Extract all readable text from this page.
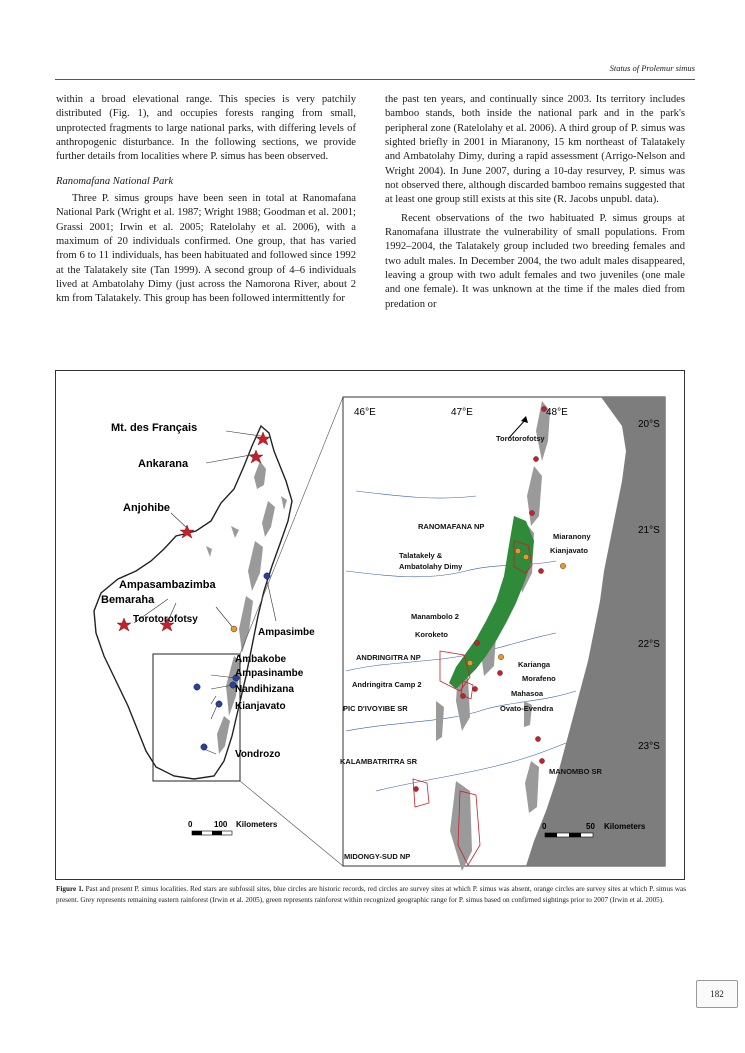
Status of Prolemur simus

within a broad elevational range. This species is very patchily distributed (Fig. 1), and occupies forests ranging from small, unprotected fragments to large national parks, with differing levels of anthropogenic disturbance. In the following sections, we provide further details from localities where P. simus has been observed.

Ranomafana National Park

Three P. simus groups have been seen in total at Ranomafana National Park (Wright et al. 1987; Wright 1988; Goodman et al. 2001; Grassi 2001; Irwin et al. 2005; Ratelolahy et al. 2006), with a maximum of 20 individuals confirmed. One group, that has varied from 6 to 11 individuals, has been habituated and followed since 1992 at the Talatakely site (Tan 1999). A second group of 4–6 individuals lived at Ambatolahy Dimy (just across the Namorona River, about 2 km from Talatakely. This group has been followed intermittently for

the past ten years, and continually since 2003. Its territory includes bamboo stands, both inside the national park and in the park's peripheral zone (Ratelolahy et al. 2006). A third group of P. simus was sighted briefly in 2001 in Miaranony, 15 km northeast of Talatakely and Ambatolahy Dimy, during a rapid assessment (Arrigo-Nelson and Wright 2004). In June 2007, during a 10-day resurvey, P. simus was not observed there, although discarded bamboo remains suggested that at least one group still exists at this site (R. Jacobs unpubl. data).

Recent observations of the two habituated P. simus groups at Ranomafana illustrate the vulnerability of small populations. From 1992–2004, the Talatakely group included two breeding females and two adult males. In December 2004, the two adult males disappeared, leaving a group with two adult females and two juveniles (one male and one female). It was unknown at the time if the males died from predation or

Mt. des Français
Ankarana
Anjohibe
Ampasambazimba
Bemaraha
Torotorofotsy
Ampasimbe
Ambakobe
Ampasinambe
Nandihizana
Kianjavato
Vondrozo
0	100 Kilometers
46°E	47°E	48°E
20°S
21°S
22°S
23°S
Torotorofotsy
RANOMAFANA NP
Miaranony
Kianjavato
Talatakely &
Ambatolahy Dimy
Manambolo 2
Koroketo
ANDRINGITRA NP
Karianga
Morafeno
Andringitra Camp 2
Mahasoa
PIC D'IVOYIBE SR	Ovato-Evendra
KALAMBATRITRA SR
MANOMBO SR
MIDONGY-SUD NP
0	50 Kilometers
Figure 1. Past and present P. simus localities. Red stars are subfossil sites, blue circles are historic records, red circles are survey sites at which P. simus was absent, orange circles are survey sites at which P. simus was present. Grey represents remaining eastern rainforest (Irwin et al. 2005), green represents rainforest within recognized geographic range for P. simus based on confirmed sightings prior to 2007 (Irwin et al. 2005).
182
